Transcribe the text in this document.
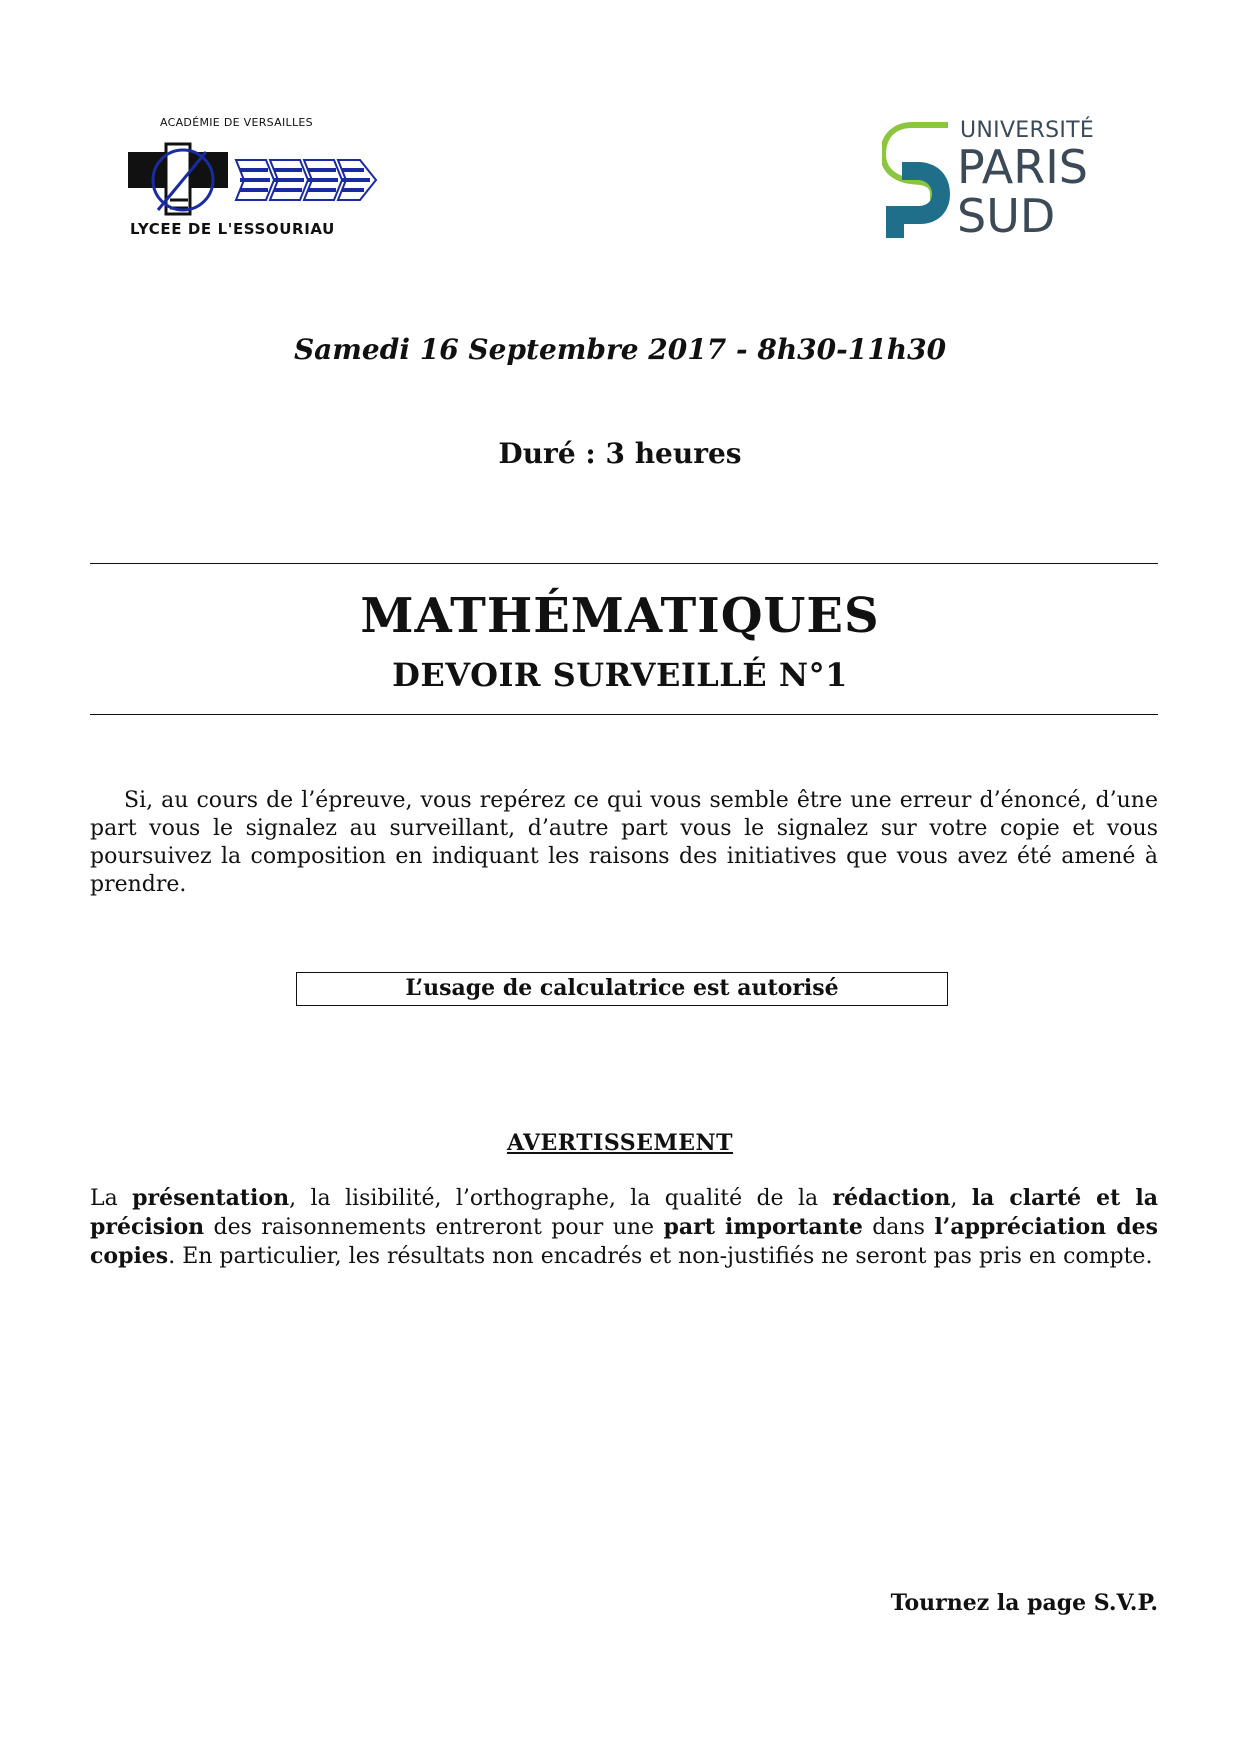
ACADÉMIE DE VERSAILLES
LYCEE DE L'ESSOURIAU
UNIVERSITÉ
PARIS
SUD
Samedi 16 Septembre 2017 - 8h30-11h30
Duré : 3 heures
MATHÉMATIQUES
DEVOIR SURVEILLÉ N°1
Si, au cours de l’épreuve, vous repérez ce qui vous semble être une erreur d’énoncé, d’une part vous le signalez au surveillant, d’autre part vous le signalez sur votre copie et vous poursuivez la composition en indiquant les raisons des initiatives que vous avez été amené à prendre.
L’usage de calculatrice est autorisé
AVERTISSEMENT
La présentation, la lisibilité, l’orthographe, la qualité de la rédaction, la clarté et la précision des raisonnements entreront pour une part importante dans l’appréciation des copies. En particulier, les résultats non encadrés et non-justifiés ne seront pas pris en compte.
Tournez la page S.V.P.
